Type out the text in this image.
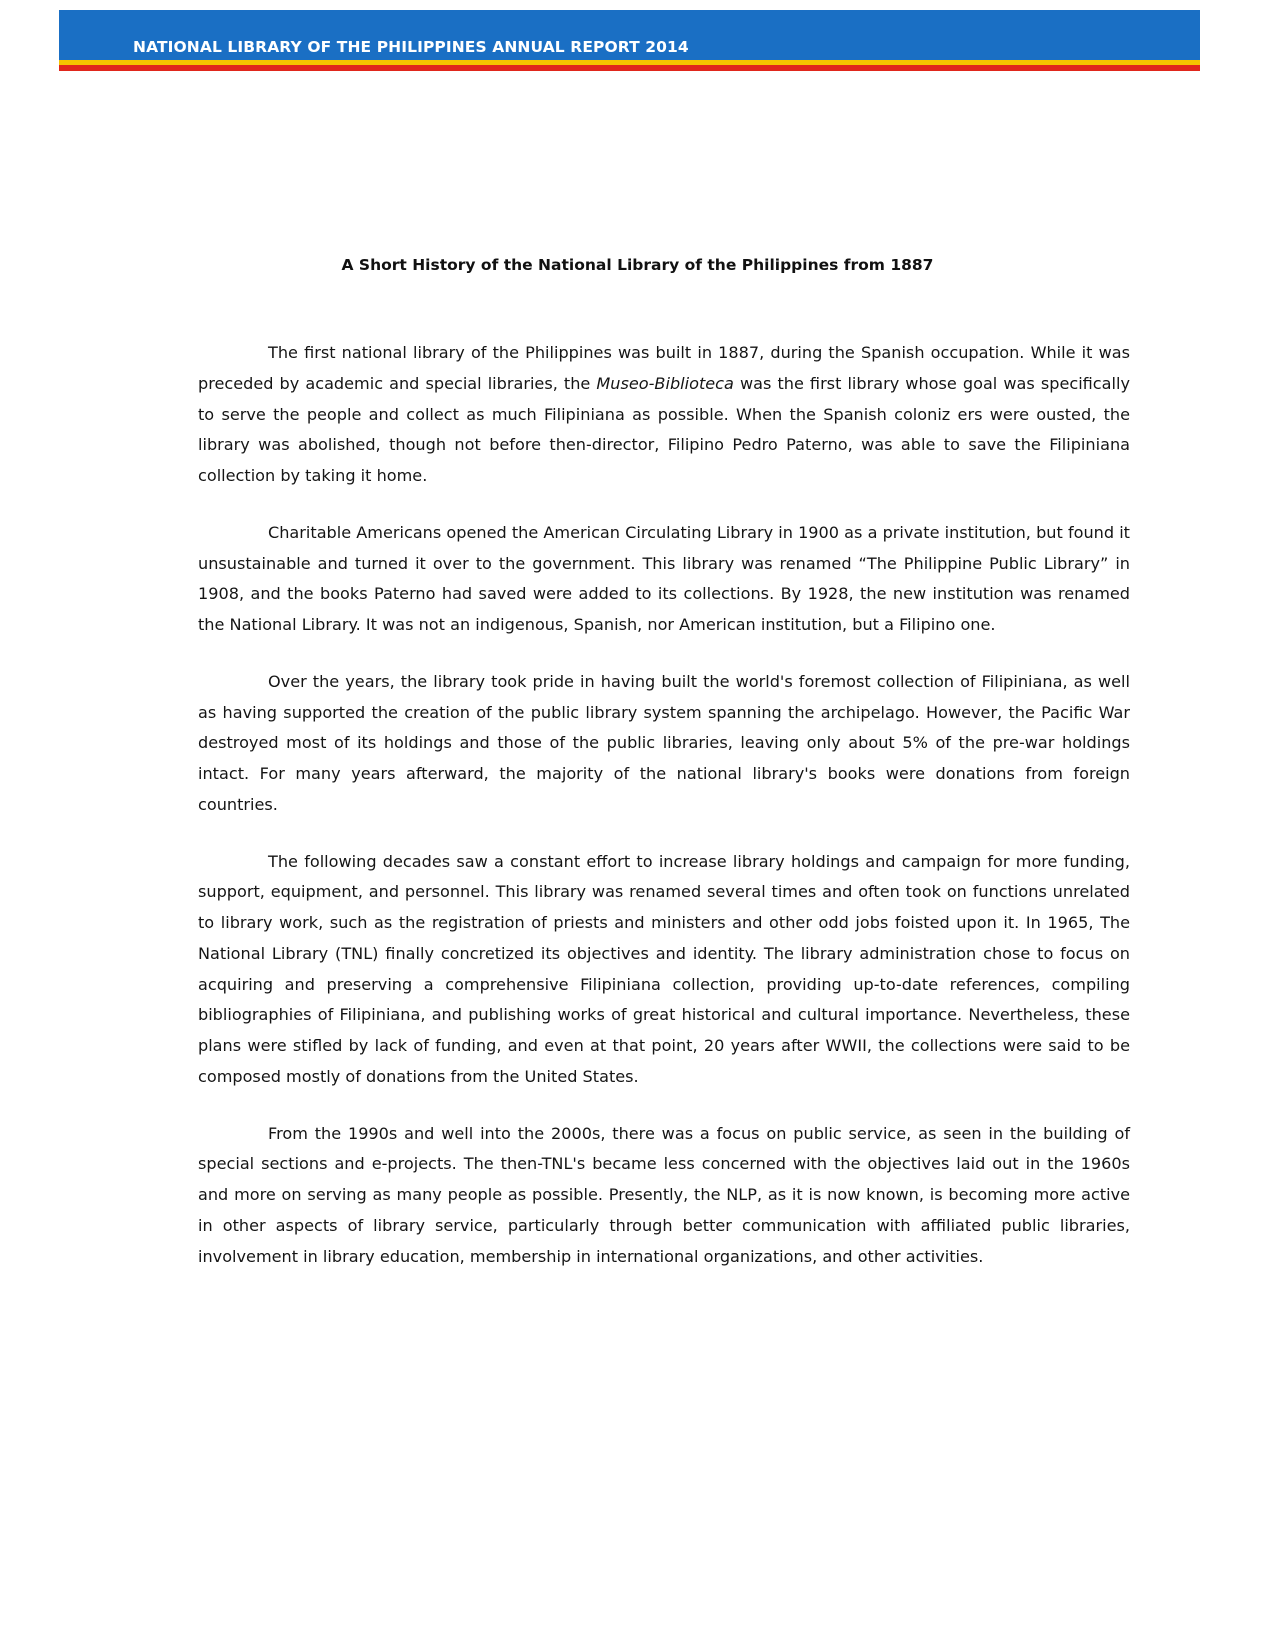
NATIONAL LIBRARY OF THE PHILIPPINES ANNUAL REPORT 2014
A Short History of the National Library of the Philippines from 1887

The first national library of the Philippines was built in 1887, during the Spanish occupation. While it was preceded by academic and special libraries, the Museo-Biblioteca was the first library whose goal was specifically to serve the people and collect as much Filipiniana as possible. When the Spanish coloniz ers were ousted, the library was abolished, though not before then-director, Filipino Pedro Paterno, was able to save the Filipiniana collection by taking it home.

Charitable Americans opened the American Circulating Library in 1900 as a private institution, but found it unsustainable and turned it over to the government. This library was renamed “The Philippine Public Library” in 1908, and the books Paterno had saved were added to its collections. By 1928, the new institution was renamed the National Library. It was not an indigenous, Spanish, nor American institution, but a Filipino one.

Over the years, the library took pride in having built the world's foremost collection of Filipiniana, as well as having supported the creation of the public library system spanning the archipelago. However, the Pacific War destroyed most of its holdings and those of the public libraries, leaving only about 5% of the pre-war holdings intact. For many years afterward, the majority of the national library's books were donations from foreign countries.

The following decades saw a constant effort to increase library holdings and campaign for more funding, support, equipment, and personnel. This library was renamed several times and often took on functions unrelated to library work, such as the registration of priests and ministers and other odd jobs foisted upon it. In 1965, The National Library (TNL) finally concretized its objectives and identity. The library administration chose to focus on acquiring and preserving a comprehensive Filipiniana collection, providing up-to-date references, compiling bibliographies of Filipiniana, and publishing works of great historical and cultural importance. Nevertheless, these plans were stifled by lack of funding, and even at that point, 20 years after WWII, the collections were said to be composed mostly of donations from the United States.

From the 1990s and well into the 2000s, there was a focus on public service, as seen in the building of special sections and e-projects. The then-TNL's became less concerned with the objectives laid out in the 1960s and more on serving as many people as possible. Presently, the NLP, as it is now known, is becoming more active in other aspects of library service, particularly through better communication with affiliated public libraries, involvement in library education, membership in international organizations, and other activities.
